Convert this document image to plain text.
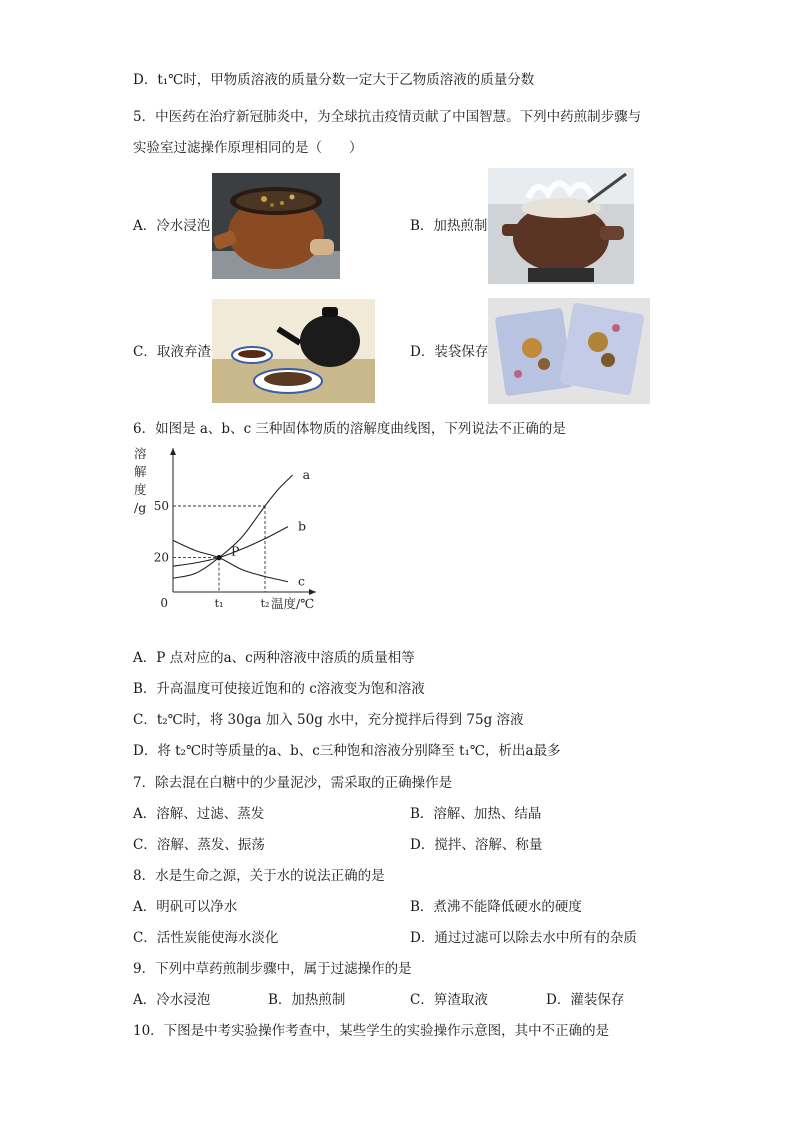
D．t₁℃时，甲物质溶液的质量分数一定大于乙物质溶液的质量分数
5．中医药在治疗新冠肺炎中，为全球抗击疫情贡献了中国智慧。下列中药煎制步骤与
实验室过滤操作原理相同的是（　　）
A．冷水浸泡	B．加热煎制
C．取液弃渣	D．装袋保存
6．如图是 a、b、c 三种固体物质的溶解度曲线图，下列说法不正确的是
溶解度/g
温度/℃
0
20
50
t₁	t₂
a
b
c
P
A．P 点对应的a、c两种溶液中溶质的质量相等
B．升高温度可使接近饱和的 c溶液变为饱和溶液
C．t₂℃时，将 30ga 加入 50g 水中，充分搅拌后得到 75g 溶液
D．将 t₂℃时等质量的a、b、c三种饱和溶液分别降至 t₁℃，析出a最多
7．除去混在白糖中的少量泥沙，需采取的正确操作是
A．溶解、过滤、蒸发	B．溶解、加热、结晶
C．溶解、蒸发、振荡	D．搅拌、溶解、称量
8．水是生命之源，关于水的说法正确的是
A．明矾可以净水	B．煮沸不能降低硬水的硬度
C．活性炭能使海水淡化	D．通过过滤可以除去水中所有的杂质
9．下列中草药煎制步骤中，属于过滤操作的是
A．冷水浸泡	B．加热煎制	C．箅渣取液	D．灌装保存
10．下图是中考实验操作考查中，某些学生的实验操作示意图，其中不正确的是
